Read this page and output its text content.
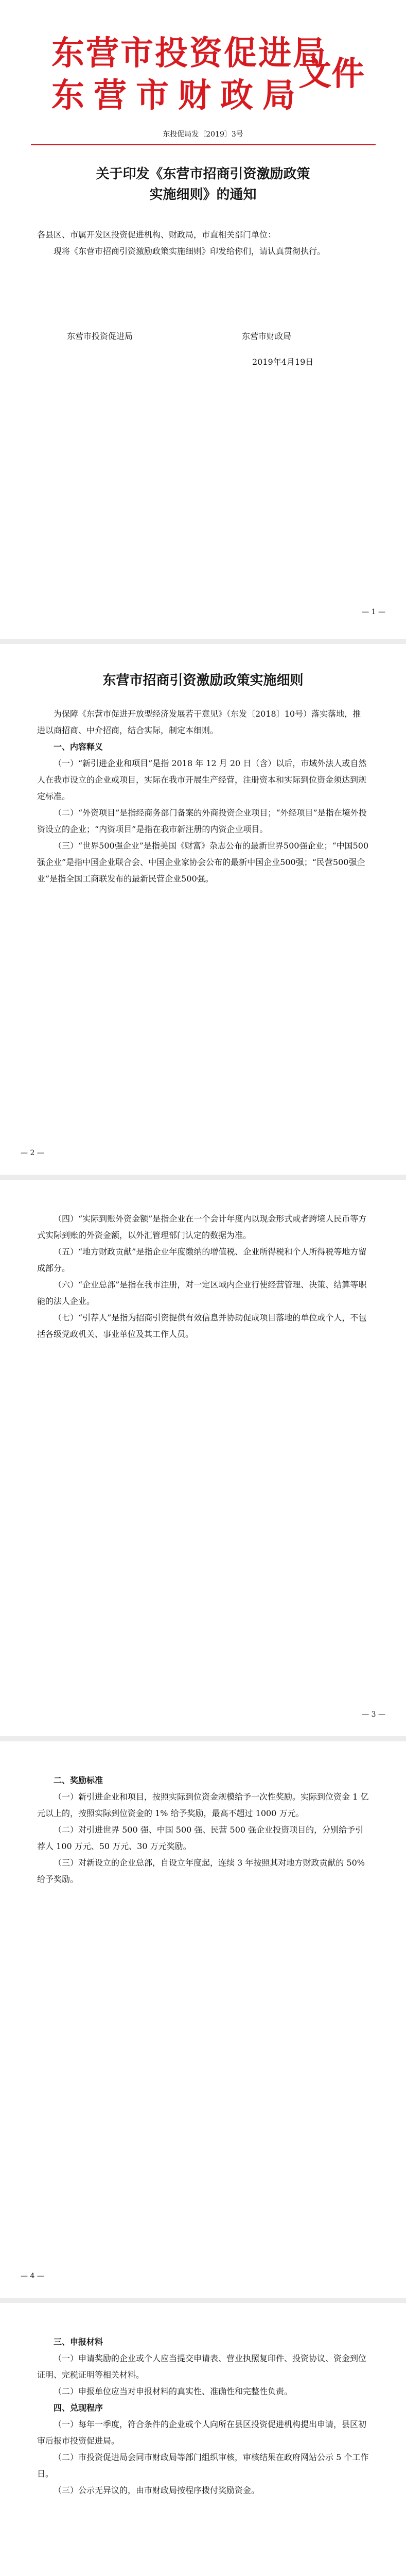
东营市投资促进局
东营市财政局
文件
东投促局发〔2019〕3号
关于印发《东营市招商引资激励政策
实施细则》的通知

各县区、市属开发区投资促进机构、财政局，市直相关部门单位：

现将《东营市招商引资激励政策实施细则》印发给你们，请认真贯彻执行。

东营市投资促进局	东营市财政局
2019年4月19日
— 1 —
东营市招商引资激励政策实施细则

为保障《东营市促进开放型经济发展若干意见》（东发〔2018〕10号）落实落地，推进以商招商、中介招商，结合实际，制定本细则。

一、内容释义

（一）“新引进企业和项目”是指 2018 年 12 月 20 日（含）以后，市域外法人或自然人在我市设立的企业或项目，实际在我市开展生产经营，注册资本和实际到位资金须达到规定标准。

（二）“外资项目”是指经商务部门备案的外商投资企业项目；“外经项目”是指在境外投资设立的企业；“内资项目”是指在我市新注册的内资企业项目。

（三）“世界500强企业”是指美国《财富》杂志公布的最新世界500强企业；“中国500强企业”是指中国企业联合会、中国企业家协会公布的最新中国企业500强；“民营500强企业”是指全国工商联发布的最新民营企业500强。

— 2 —

（四）“实际到账外资金额”是指企业在一个会计年度内以现金形式或者跨境人民币等方式实际到账的外资金额，以外汇管理部门认定的数据为准。

（五）“地方财政贡献”是指企业年度缴纳的增值税、企业所得税和个人所得税等地方留成部分。

（六）“企业总部”是指在我市注册，对一定区域内企业行使经营管理、决策、结算等职能的法人企业。

（七）“引荐人”是指为招商引资提供有效信息并协助促成项目落地的单位或个人，不包括各级党政机关、事业单位及其工作人员。

— 3 —

二、奖励标准

（一）新引进企业和项目，按照实际到位资金规模给予一次性奖励。实际到位资金 1 亿元以上的，按照实际到位资金的 1% 给予奖励，最高不超过 1000 万元。

（二）对引进世界 500 强、中国 500 强、民营 500 强企业投资项目的，分别给予引荐人 100 万元、50 万元、30 万元奖励。

（三）对新设立的企业总部，自设立年度起，连续 3 年按照其对地方财政贡献的 50% 给予奖励。

— 4 —

三、申报材料

（一）申请奖励的企业或个人应当提交申请表、营业执照复印件、投资协议、资金到位证明、完税证明等相关材料。

（二）申报单位应当对申报材料的真实性、准确性和完整性负责。

四、兑现程序

（一）每年一季度，符合条件的企业或个人向所在县区投资促进机构提出申请，县区初审后报市投资促进局。

（二）市投资促进局会同市财政局等部门组织审核，审核结果在政府网站公示 5 个工作日。

（三）公示无异议的，由市财政局按程序拨付奖励资金。
